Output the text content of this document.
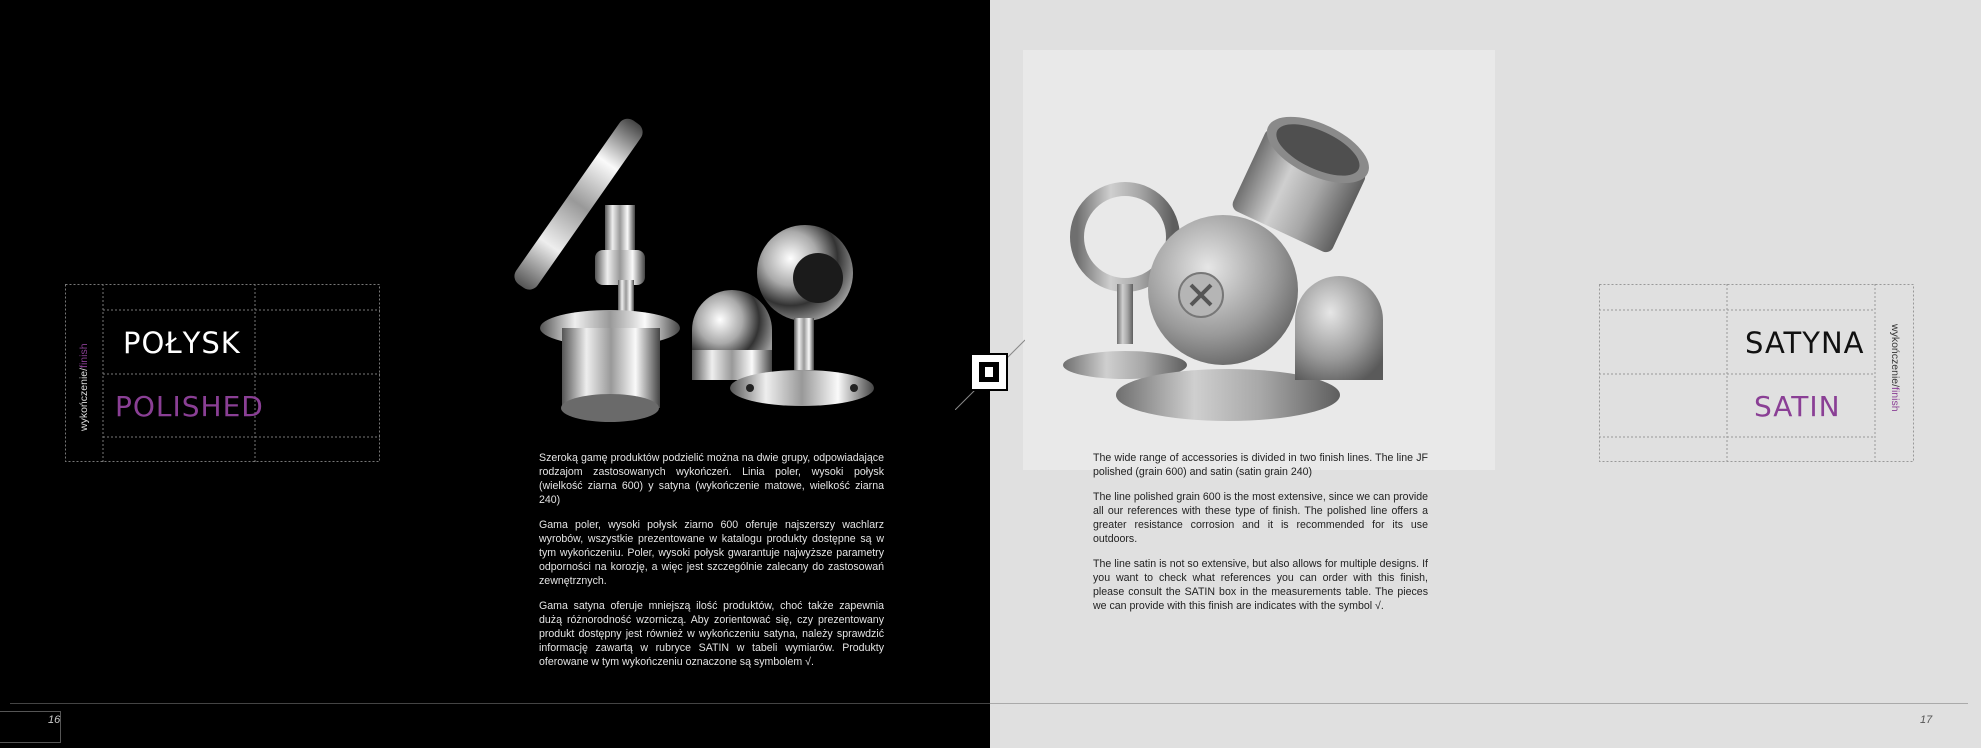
POŁYSK
POLISHED
wykończenie/finish

Szeroką gamę produktów podzielić można na dwie grupy, odpowiadające rodzajom zastosowanych wykończeń. Linia poler, wysoki połysk (wielkość ziarna 600) y satyna (wykończenie matowe, wielkość ziarna 240)

Gama poler, wysoki połysk ziarno 600 oferuje najszerszy wachlarz wyrobów, wszystkie prezentowane w katalogu produkty dostępne są w tym wykończeniu. Poler, wysoki połysk gwarantuje najwyższe parametry odporności na korozję, a więc jest szczególnie zalecany do zastosowań zewnętrznych.

Gama satyna oferuje mniejszą ilość produktów, choć także zapewnia dużą różnorodność wzorniczą. Aby zorientować się, czy prezentowany produkt dostępny jest również w wykończeniu satyna, należy sprawdzić informację zawartą w rubryce SATIN w tabeli wymiarów. Produkty oferowane w tym wykończeniu oznaczone są symbolem √.

16

The wide range of accessories is divided in two finish lines. The line JF polished (grain 600) and satin (satin grain 240)

The line polished grain 600 is the most extensive, since we can provide all our references with these type of finish. The polished line offers a greater resistance corrosion and it is recommended for its use outdoors.

The line satin is not so extensive, but also allows for multiple designs. If you want to check what references you can order with this finish, please consult the SATIN box in the measurements table. The pieces we can provide with this finish are indicates with the symbol √.

SATYNA
SATIN
wykończenie/finish
17
